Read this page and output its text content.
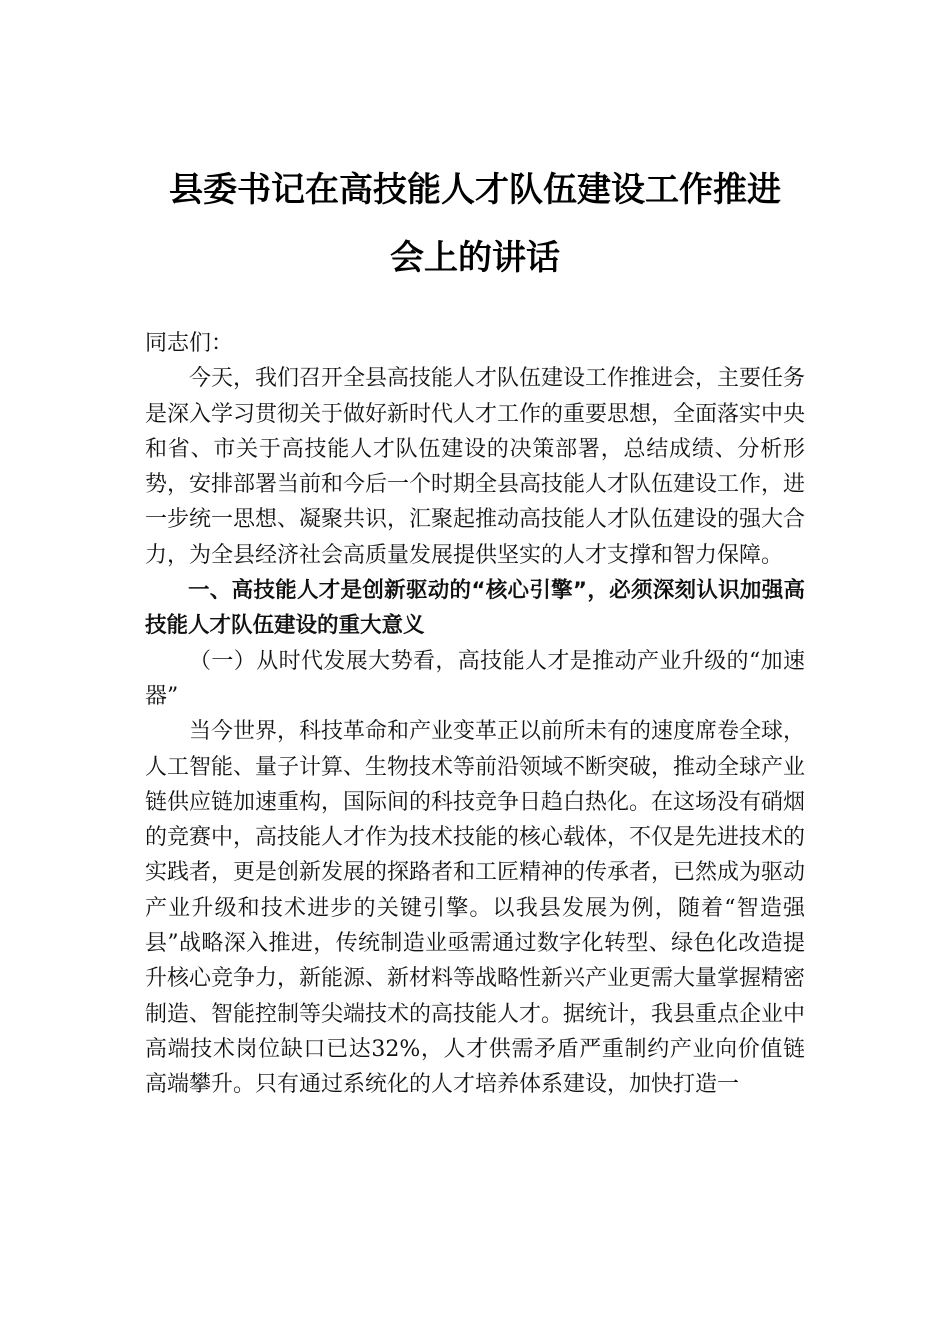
县委书记在高技能人才队伍建设工作推进
会上的讲话

同志们：

今天，我们召开全县高技能人才队伍建设工作推进会，主要任务是深入学习贯彻关于做好新时代人才工作的重要思想，全面落实中央和省、市关于高技能人才队伍建设的决策部署，总结成绩、分析形势，安排部署当前和今后一个时期全县高技能人才队伍建设工作，进一步统一思想、凝聚共识，汇聚起推动高技能人才队伍建设的强大合力，为全县经济社会高质量发展提供坚实的人才支撑和智力保障。

一、高技能人才是创新驱动的“核心引擎”，必须深刻认识加强高技能人才队伍建设的重大意义

（一）从时代发展大势看，高技能人才是推动产业升级的“加速器”

当今世界，科技革命和产业变革正以前所未有的速度席卷全球，人工智能、量子计算、生物技术等前沿领域不断突破，推动全球产业链供应链加速重构，国际间的科技竞争日趋白热化。在这场没有硝烟的竞赛中，高技能人才作为技术技能的核心载体，不仅是先进技术的实践者，更是创新发展的探路者和工匠精神的传承者，已然成为驱动产业升级和技术进步的关键引擎。以我县发展为例，随着“智造强县”战略深入推进，传统制造业亟需通过数字化转型、绿色化改造提升核心竞争力，新能源、新材料等战略性新兴产业更需大量掌握精密制造、智能控制等尖端技术的高技能人才。据统计，我县重点企业中高端技术岗位缺口已达32%，人才供需矛盾严重制约产业向价值链高端攀升。只有通过系统化的人才培养体系建设，加快打造一
